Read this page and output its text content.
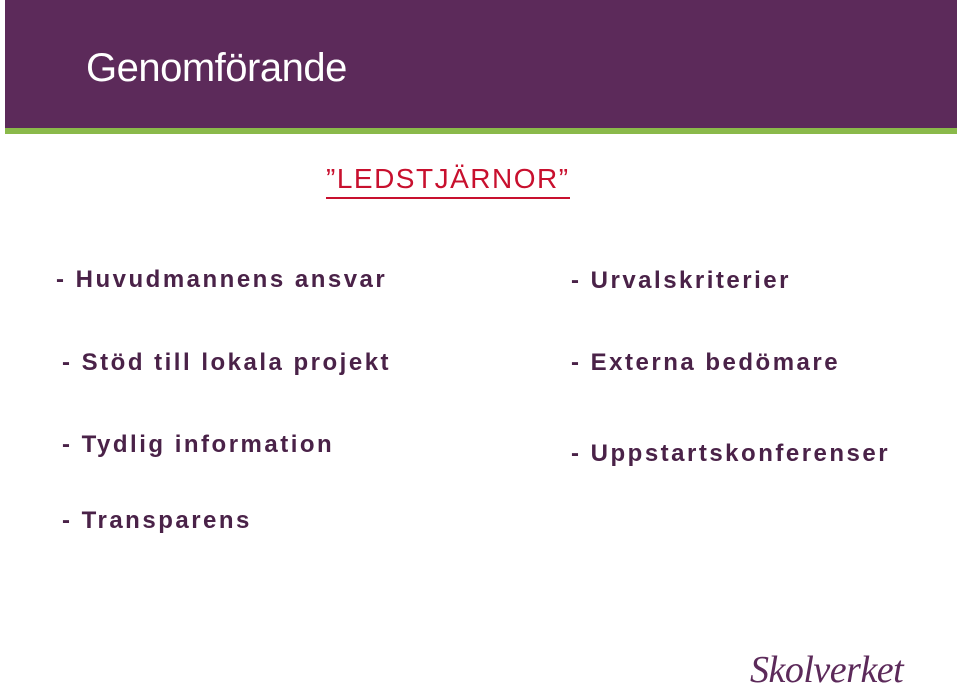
Genomförande
”LEDSTJÄRNOR”
- Huvudmannens ansvar
- Stöd till lokala projekt
- Tydlig information
- Transparens
- Urvalskriterier
- Externa bedömare
- Uppstartskonferenser
Skolverket
